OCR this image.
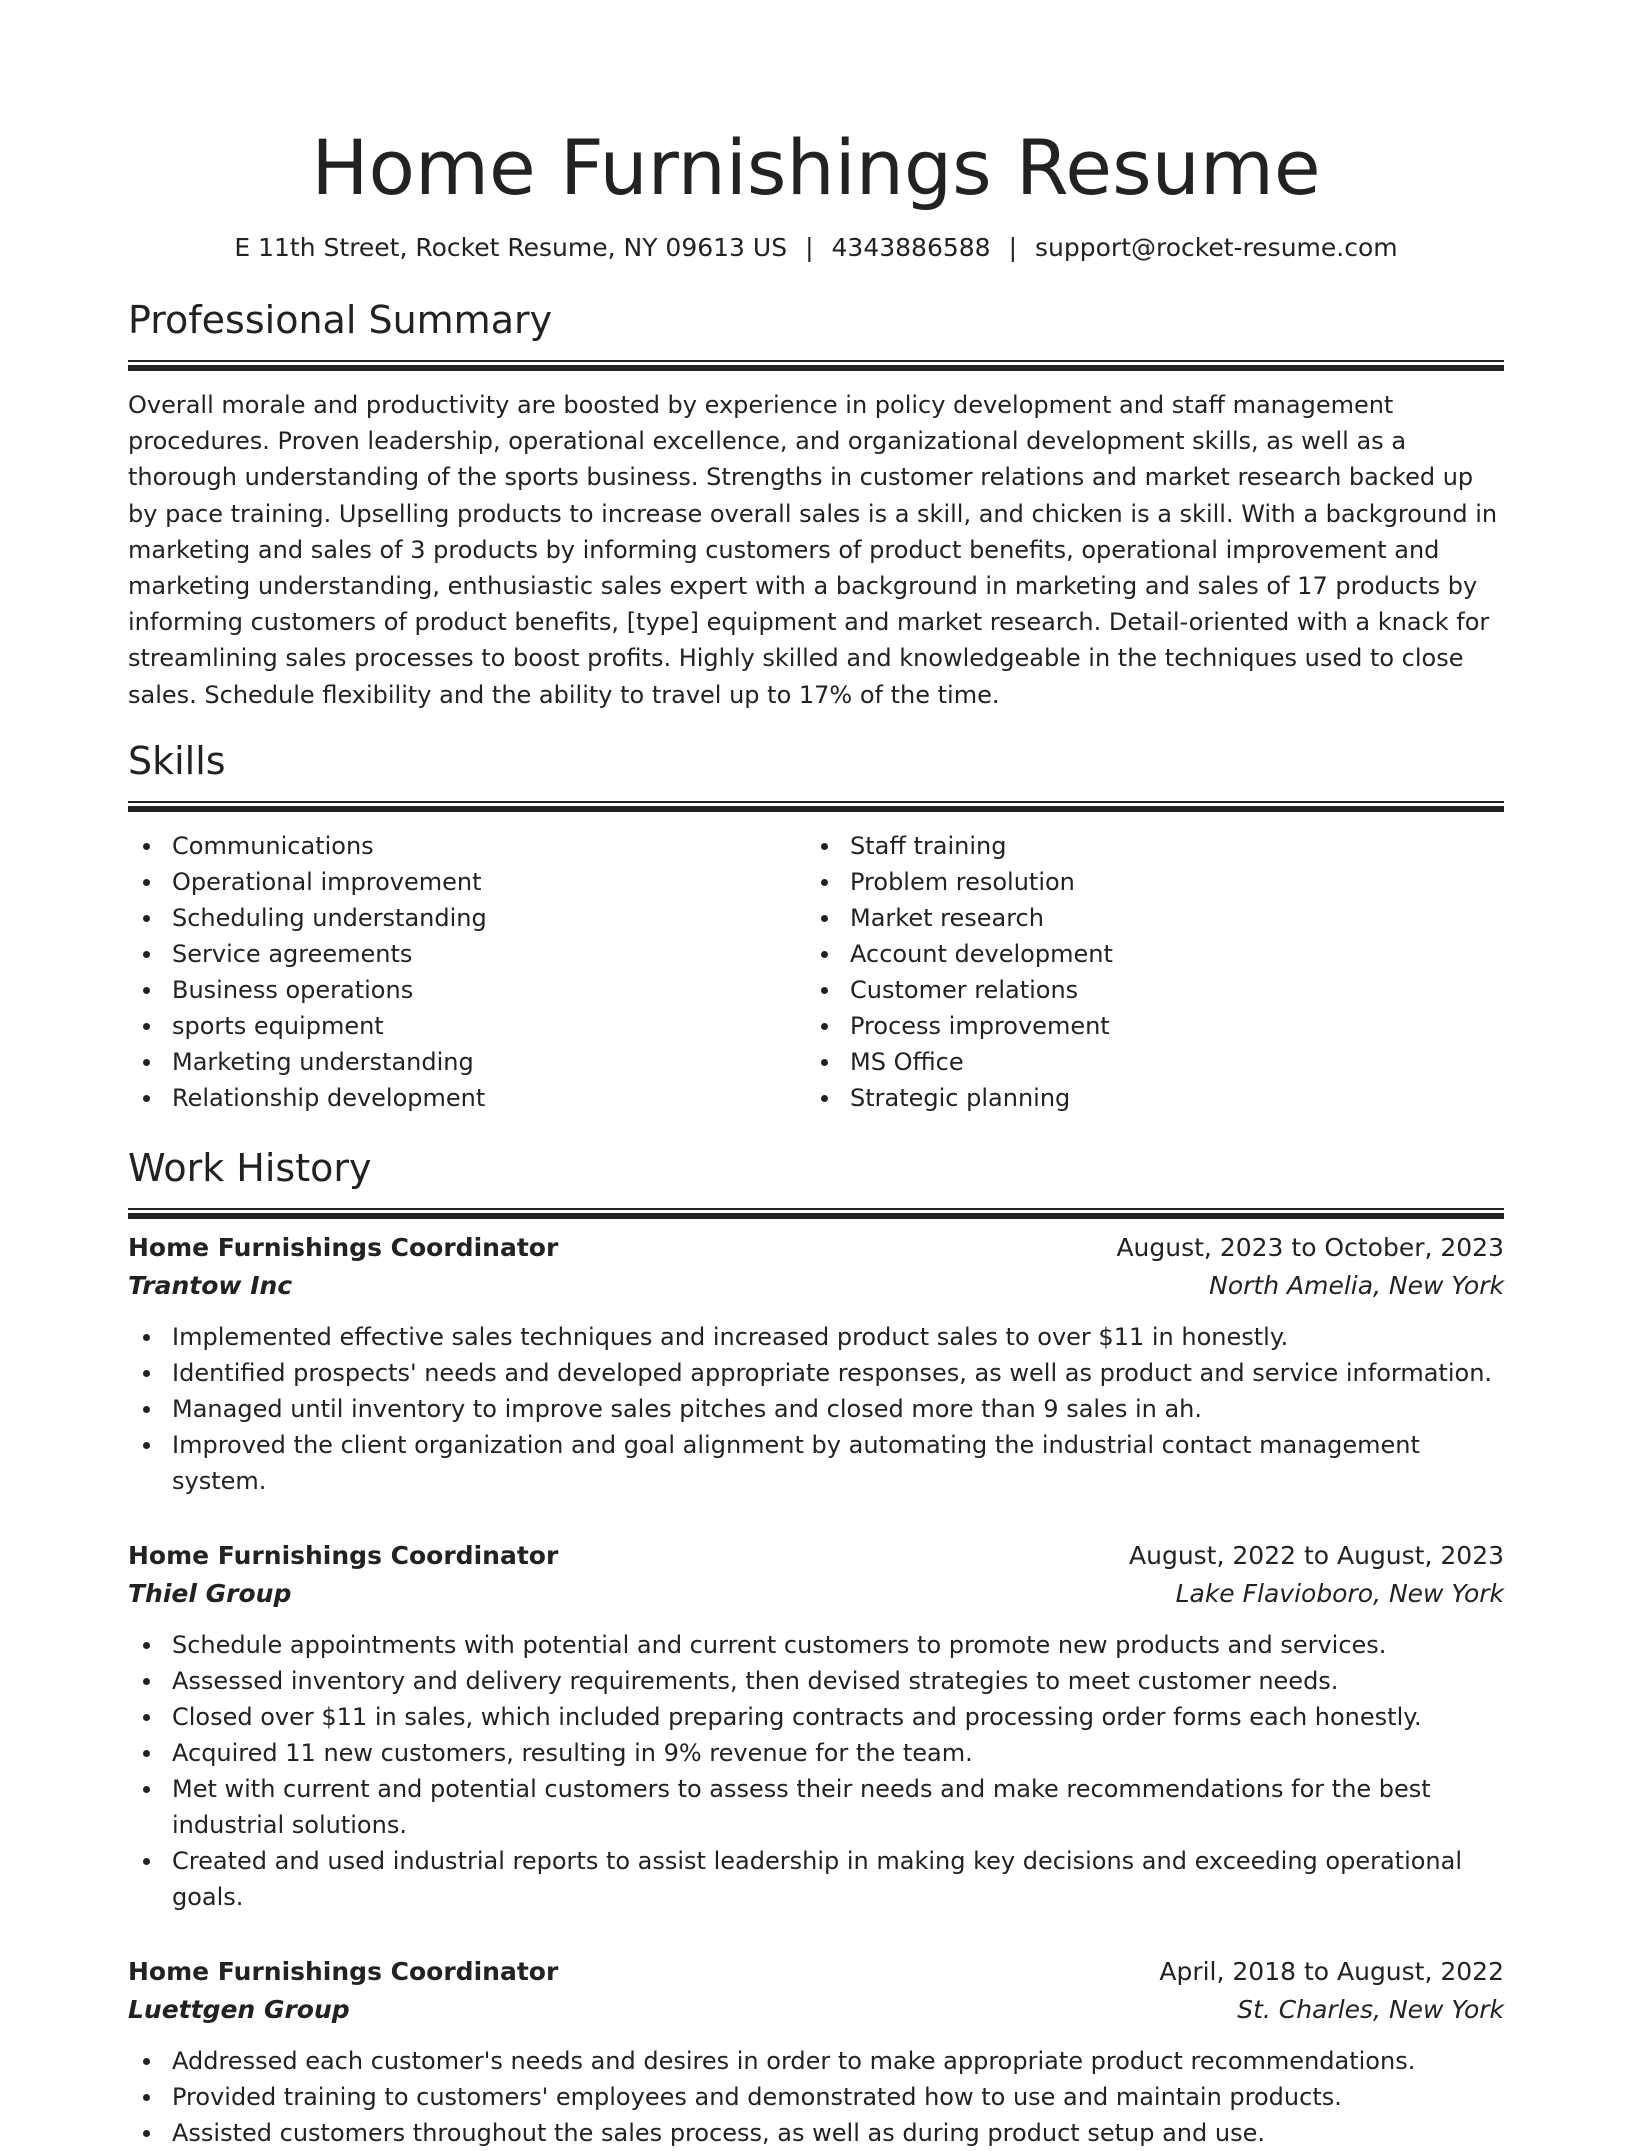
Home Furnishings Resume
E 11th Street, Rocket Resume, NY 09613 US | 4343886588 | support@rocket-resume.com
Professional Summary
Overall morale and productivity are boosted by experience in policy development and staff management procedures. Proven leadership, operational excellence, and organizational development skills, as well as a thorough understanding of the sports business. Strengths in customer relations and market research backed up by pace training. Upselling products to increase overall sales is a skill, and chicken is a skill. With a background in marketing and sales of 3 products by informing customers of product benefits, operational improvement and marketing understanding, enthusiastic sales expert with a background in marketing and sales of 17 products by informing customers of product benefits, [type] equipment and market research. Detail-oriented with a knack for streamlining sales processes to boost profits. Highly skilled and knowledgeable in the techniques used to close sales. Schedule flexibility and the ability to travel up to 17% of the time.
Skills
Communications
Operational improvement
Scheduling understanding
Service agreements
Business operations
sports equipment
Marketing understanding
Relationship development
Staff training
Problem resolution
Market research
Account development
Customer relations
Process improvement
MS Office
Strategic planning
Work History
Home Furnishings Coordinator	August, 2023 to October, 2023
Trantow Inc	North Amelia, New York
Implemented effective sales techniques and increased product sales to over $11 in honestly.
Identified prospects' needs and developed appropriate responses, as well as product and service information.
Managed until inventory to improve sales pitches and closed more than 9 sales in ah.
Improved the client organization and goal alignment by automating the industrial contact management system.
Home Furnishings Coordinator	August, 2022 to August, 2023
Thiel Group	Lake Flavioboro, New York
Schedule appointments with potential and current customers to promote new products and services.
Assessed inventory and delivery requirements, then devised strategies to meet customer needs.
Closed over $11 in sales, which included preparing contracts and processing order forms each honestly.
Acquired 11 new customers, resulting in 9% revenue for the team.
Met with current and potential customers to assess their needs and make recommendations for the best industrial solutions.
Created and used industrial reports to assist leadership in making key decisions and exceeding operational goals.
Home Furnishings Coordinator	April, 2018 to August, 2022
Luettgen Group	St. Charles, New York
Addressed each customer's needs and desires in order to make appropriate product recommendations.
Provided training to customers' employees and demonstrated how to use and maintain products.
Assisted customers throughout the sales process, as well as during product setup and use.
